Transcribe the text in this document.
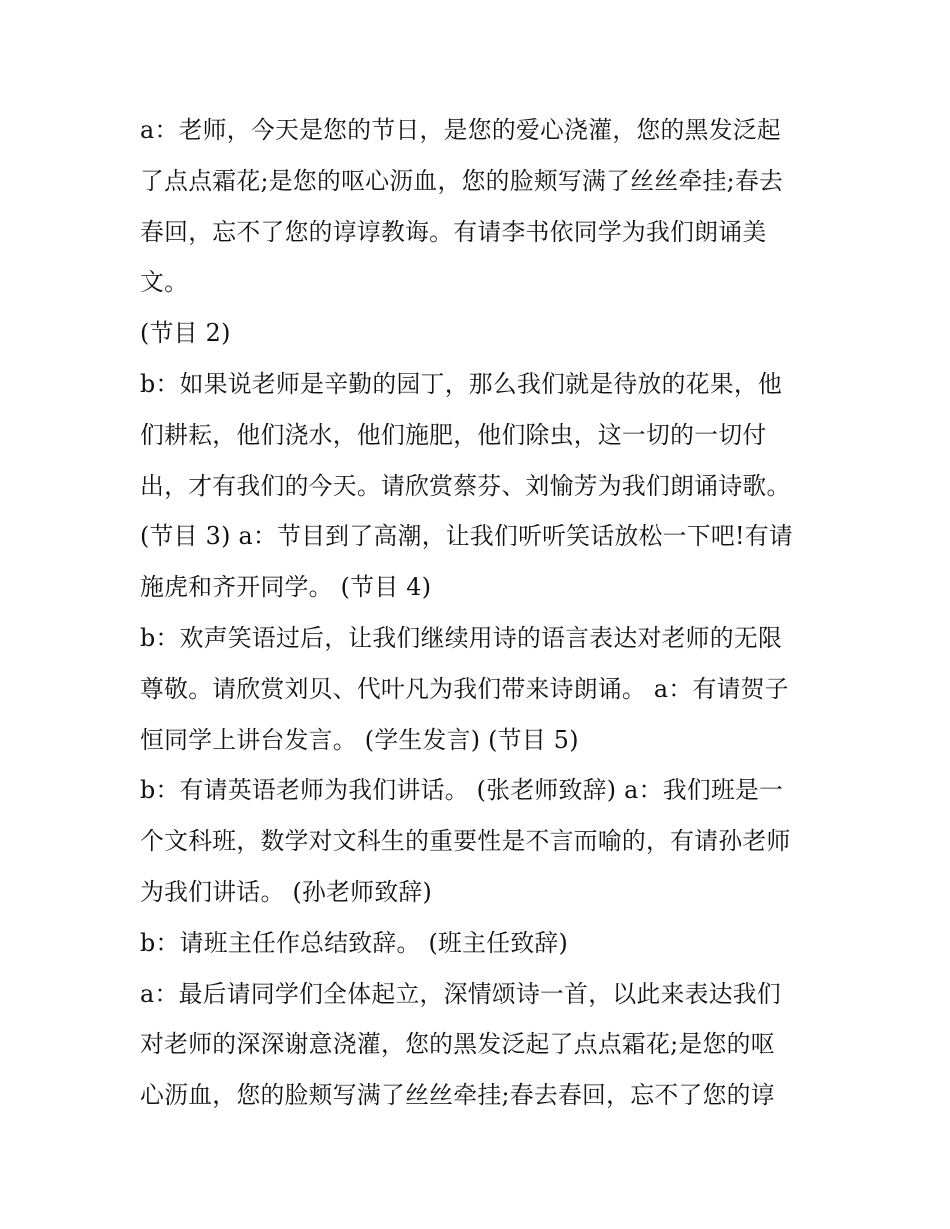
a：老师，今天是您的节日，是您的爱心浇灌，您的黑发泛起
了点点霜花;是您的呕心沥血，您的脸颊写满了丝丝牵挂;春去
春回，忘不了您的谆谆教诲。有请李书依同学为我们朗诵美
文。
(节目 2)
b：如果说老师是辛勤的园丁，那么我们就是待放的花果，他
们耕耘，他们浇水，他们施肥，他们除虫，这一切的一切付
出，才有我们的今天。请欣赏蔡芬、刘愉芳为我们朗诵诗歌。
(节目 3) a：节目到了高潮，让我们听听笑话放松一下吧!有请
施虎和齐开同学。 (节目 4)
b：欢声笑语过后，让我们继续用诗的语言表达对老师的无限
尊敬。请欣赏刘贝、代叶凡为我们带来诗朗诵。 a：有请贺子
恒同学上讲台发言。 (学生发言) (节目 5)
b：有请英语老师为我们讲话。 (张老师致辞) a：我们班是一
个文科班，数学对文科生的重要性是不言而喻的，有请孙老师
为我们讲话。 (孙老师致辞)
b：请班主任作总结致辞。 (班主任致辞)
a：最后请同学们全体起立，深情颂诗一首，以此来表达我们
对老师的深深谢意浇灌，您的黑发泛起了点点霜花;是您的呕
心沥血，您的脸颊写满了丝丝牵挂;春去春回，忘不了您的谆
